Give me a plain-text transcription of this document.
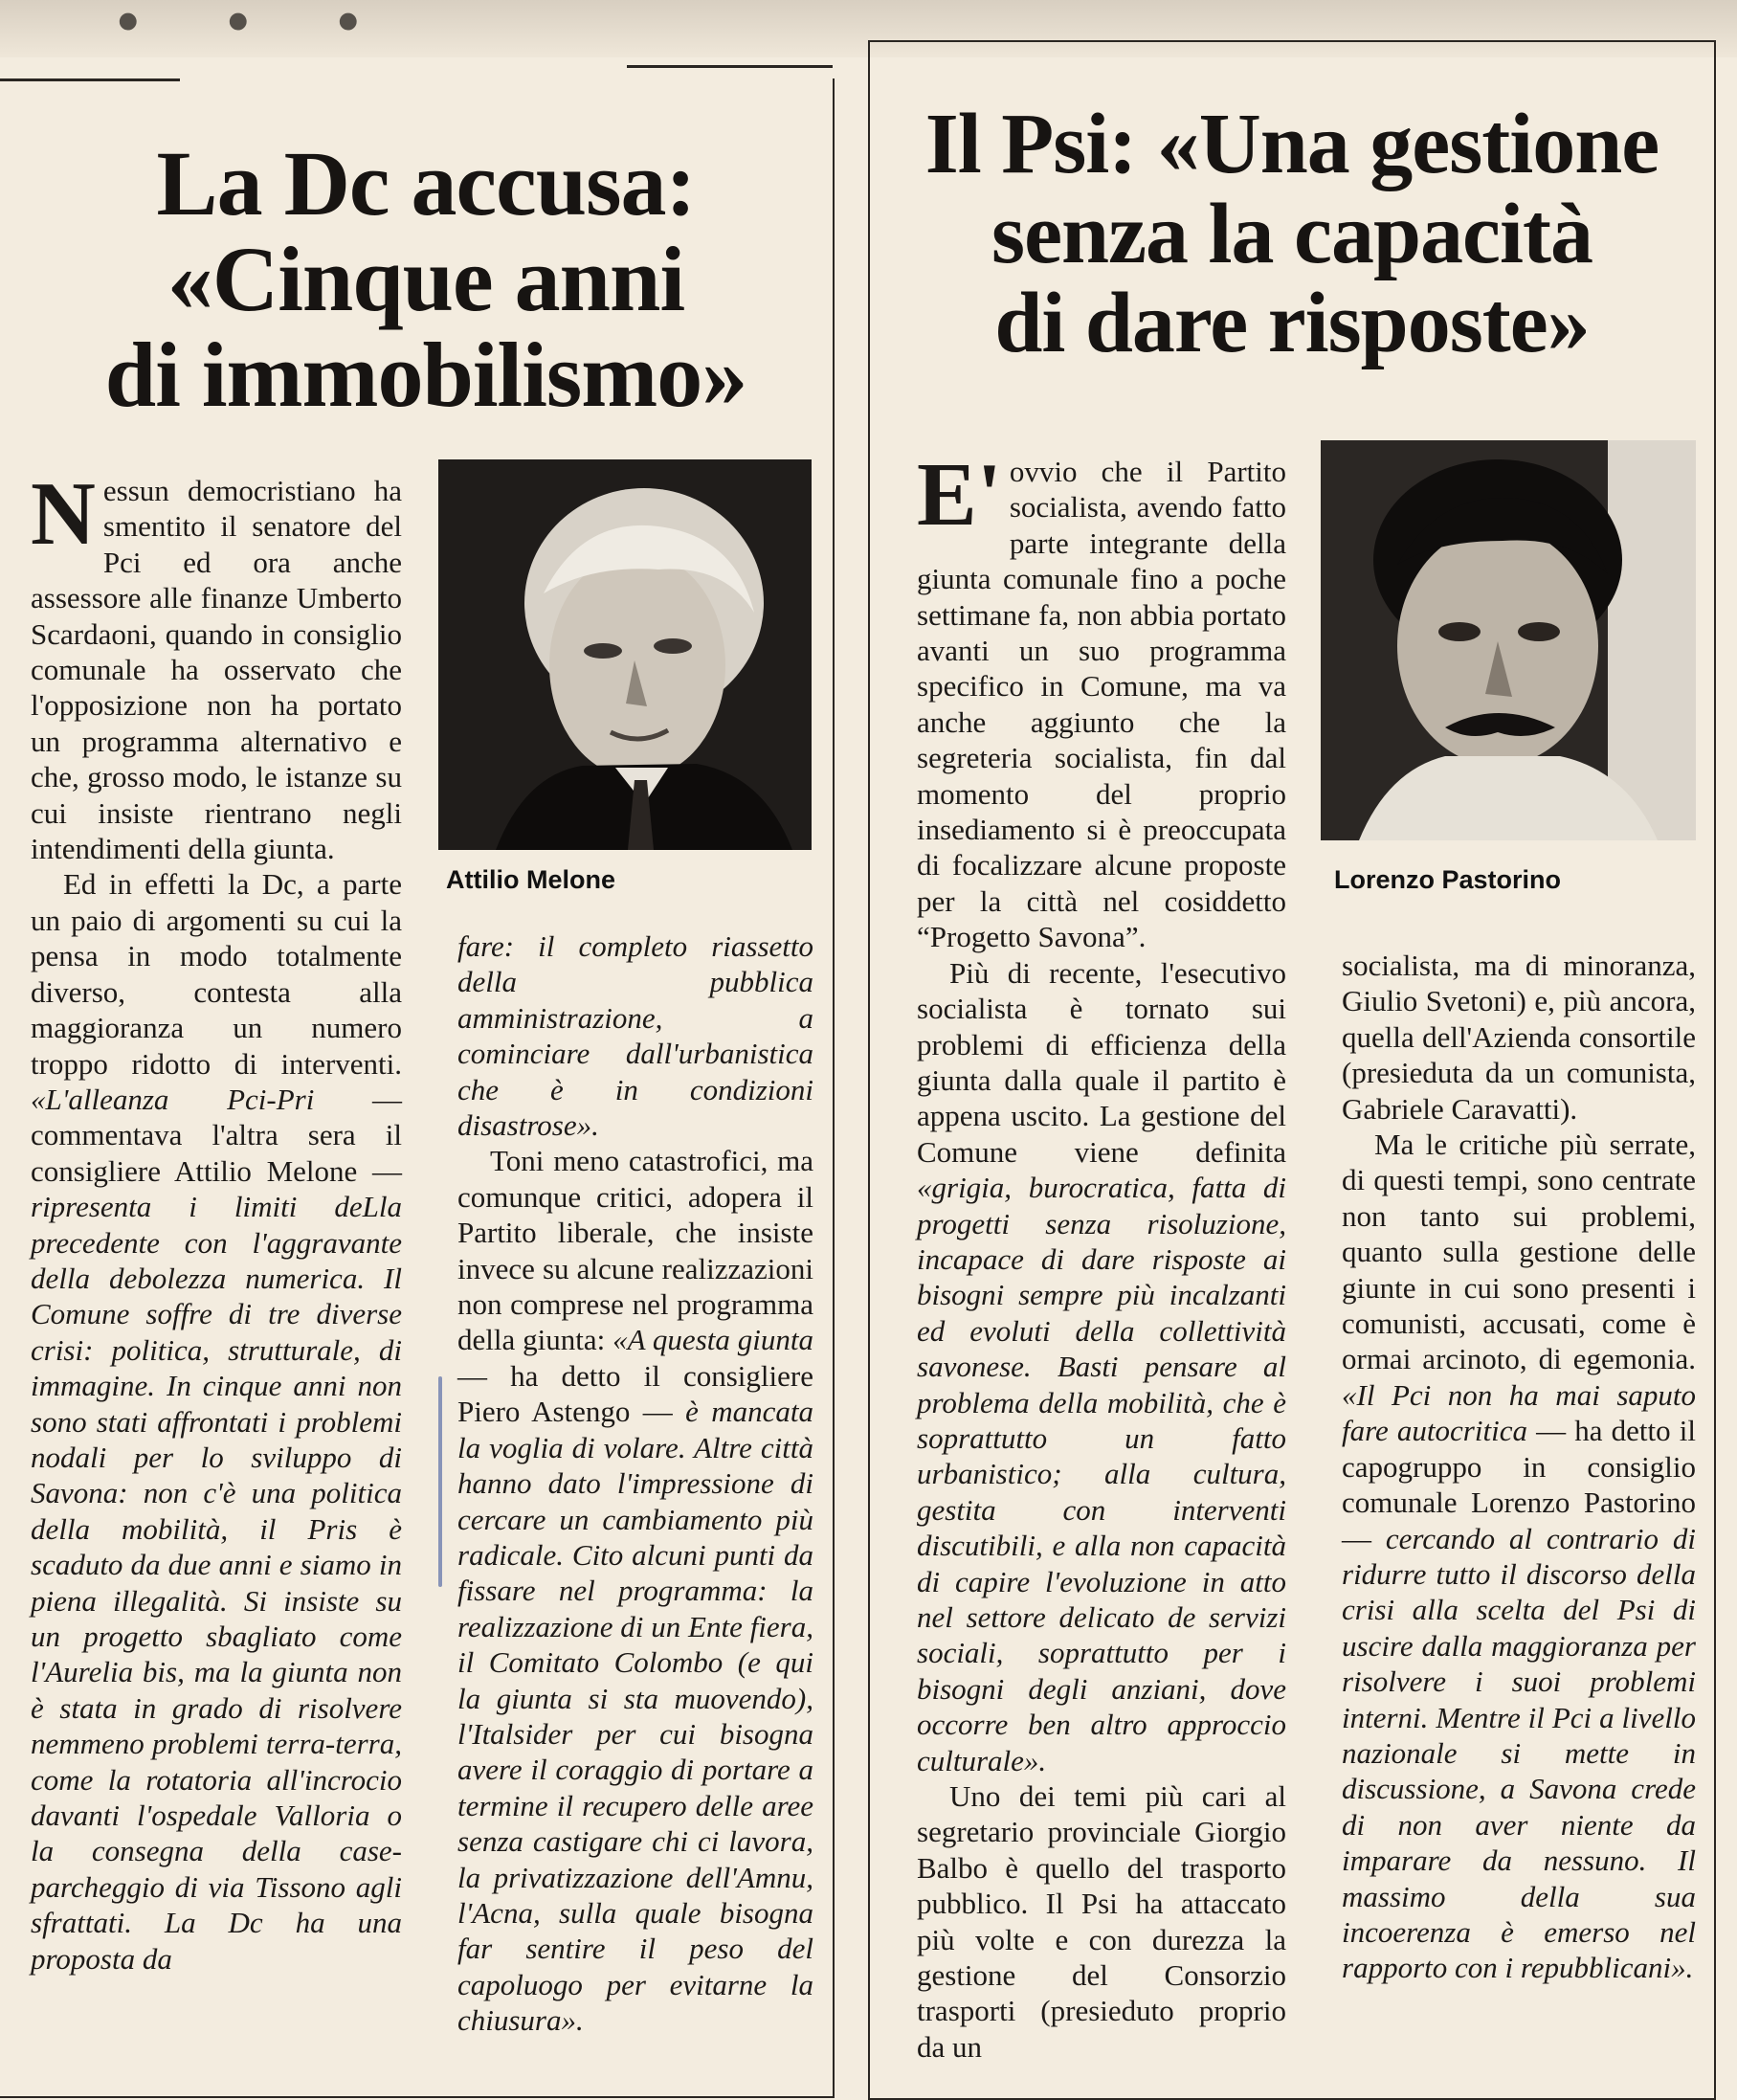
La Dc accusa:
«Cinque anni
di immobilismo»
Attilio Melone

Nessun democristiano ha smentito il senatore del Pci ed ora anche assessore alle finanze Umberto Scardaoni, quando in consiglio comunale ha osservato che l'opposizione non ha portato un programma alternativo e che, grosso modo, le istanze su cui insiste rientrano negli intendimenti della giunta.

Ed in effetti la Dc, a parte un paio di argomenti su cui la pensa in modo totalmente diverso, contesta alla maggioranza un numero troppo ridotto di interventi. «L'alleanza Pci-Pri — commentava l'altra sera il consigliere Attilio Melone — ripresenta i limiti deLla precedente con l'aggravante della debolezza numerica. Il Comune soffre di tre diverse crisi: politica, strutturale, di immagine. In cinque anni non sono stati affrontati i problemi nodali per lo sviluppo di Savona: non c'è una politica della mobilità, il Pris è scaduto da due anni e siamo in piena illegalità. Si insiste su un progetto sbagliato come l'Aurelia bis, ma la giunta non è stata in grado di risolvere nemmeno problemi terra-terra, come la rotatoria all'incrocio davanti l'ospedale Valloria o la consegna della case-parcheggio di via Tissono agli sfrattati. La Dc ha una proposta da

fare: il completo riassetto della pubblica amministrazione, a cominciare dall'urbanistica che è in condizioni disastrose».

Toni meno catastrofici, ma comunque critici, adopera il Partito liberale, che insiste invece su alcune realizzazioni non comprese nel programma della giunta: «A questa giunta — ha detto il consigliere Piero Astengo — è mancata la voglia di volare. Altre città hanno dato l'impressione di cercare un cambiamento più radicale. Cito alcuni punti da fissare nel programma: la realizzazione di un Ente fiera, il Comitato Colombo (e qui la giunta si sta muovendo), l'Italsider per cui bisogna avere il coraggio di portare a termine il recupero delle aree senza castigare chi ci lavora, la privatizzazione dell'Amnu, l'Acna, sulla quale bisogna far sentire il peso del capoluogo per evitarne la chiusura».

Il Psi: «Una gestione
senza la capacità
di dare risposte»
Lorenzo Pastorino

E' ovvio che il Partito socialista, avendo fatto parte integrante della giunta comunale fino a poche settimane fa, non abbia portato avanti un suo programma specifico in Comune, ma va anche aggiunto che la segreteria socialista, fin dal momento del proprio insediamento si è preoccupata di focalizzare alcune proposte per la città nel cosiddetto “Progetto Savona”.

Più di recente, l'esecutivo socialista è tornato sui problemi di efficienza della giunta dalla quale il partito è appena uscito. La gestione del Comune viene definita «grigia, burocratica, fatta di progetti senza risoluzione, incapace di dare risposte ai bisogni sempre più incalzanti ed evoluti della collettività savonese. Basti pensare al problema della mobilità, che è soprattutto un fatto urbanistico; alla cultura, gestita con interventi discutibili, e alla non capacità di capire l'evoluzione in atto nel settore delicato de servizi sociali, soprattutto per i bisogni degli anziani, dove occorre ben altro approccio culturale».

Uno dei temi più cari al segretario provinciale Giorgio Balbo è quello del trasporto pubblico. Il Psi ha attaccato più volte e con durezza la gestione del Consorzio trasporti (presieduto proprio da un

socialista, ma di minoranza, Giulio Svetoni) e, più ancora, quella dell'Azienda consortile (presieduta da un comunista, Gabriele Caravatti).

Ma le critiche più serrate, di questi tempi, sono centrate non tanto sui problemi, quanto sulla gestione delle giunte in cui sono presenti i comunisti, accusati, come è ormai arcinoto, di egemonia. «Il Pci non ha mai saputo fare autocritica — ha detto il capogruppo in consiglio comunale Lorenzo Pastorino — cercando al contrario di ridurre tutto il discorso della crisi alla scelta del Psi di uscire dalla maggioranza per risolvere i suoi problemi interni. Mentre il Pci a livello nazionale si mette in discussione, a Savona crede di non aver niente da imparare da nessuno. Il massimo della sua incoerenza è emerso nel rapporto con i repubblicani».
